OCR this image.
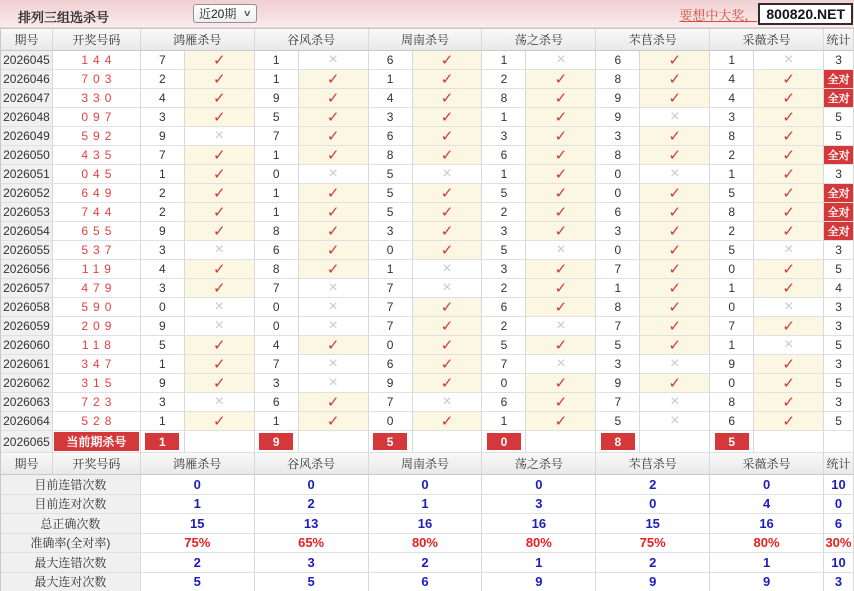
排列三组选杀号	近20期 ∨	要想中大奖， 800820.NET
期号	开奖号码	鸿雁杀号	谷风杀号	周南杀号	荡之杀号	芣苢杀号	采薇杀号	统计
2026045	144	7	✓	1	×	6	✓	1	×	6	✓	1	×	3
2026046	703	2	✓	1	✓	1	✓	2	✓	8	✓	4	✓	全对
2026047	330	4	✓	9	✓	4	✓	8	✓	9	✓	4	✓	全对
2026048	097	3	✓	5	✓	3	✓	1	✓	9	×	3	✓	5
2026049	592	9	×	7	✓	6	✓	3	✓	3	✓	8	✓	5
2026050	435	7	✓	1	✓	8	✓	6	✓	8	✓	2	✓	全对
2026051	045	1	✓	0	×	5	×	1	✓	0	×	1	✓	3
2026052	649	2	✓	1	✓	5	✓	5	✓	0	✓	5	✓	全对
2026053	744	2	✓	1	✓	5	✓	2	✓	6	✓	8	✓	全对
2026054	655	9	✓	8	✓	3	✓	3	✓	3	✓	2	✓	全对
2026055	537	3	×	6	✓	0	✓	5	×	0	✓	5	×	3
2026056	119	4	✓	8	✓	1	×	3	✓	7	✓	0	✓	5
2026057	479	3	✓	7	×	7	×	2	✓	1	✓	1	✓	4
2026058	590	0	×	0	×	7	✓	6	✓	8	✓	0	×	3
2026059	209	9	×	0	×	7	✓	2	×	7	✓	7	✓	3
2026060	118	5	✓	4	✓	0	✓	5	✓	5	✓	1	×	5
2026061	347	1	✓	7	×	6	✓	7	×	3	×	9	✓	3
2026062	315	9	✓	3	×	9	✓	0	✓	9	✓	0	✓	5
2026063	723	3	×	6	✓	7	×	6	✓	7	×	8	✓	3
2026064	528	1	✓	1	✓	0	✓	1	✓	5	×	6	✓	5
2026065	当前期杀号	1	9	5	0	8	5
期号	开奖号码	鸿雁杀号	谷风杀号	周南杀号	荡之杀号	芣苢杀号	采薇杀号	统计
目前连错次数	0	0	0	0	2	0	10
目前连对次数	1	2	1	3	0	4	0
总正确次数	15	13	16	16	15	16	6
准确率(全对率)	75%	65%	80%	80%	75%	80%	30%
最大连错次数	2	3	2	1	2	1	10
最大连对次数	5	5	6	9	9	9	3
